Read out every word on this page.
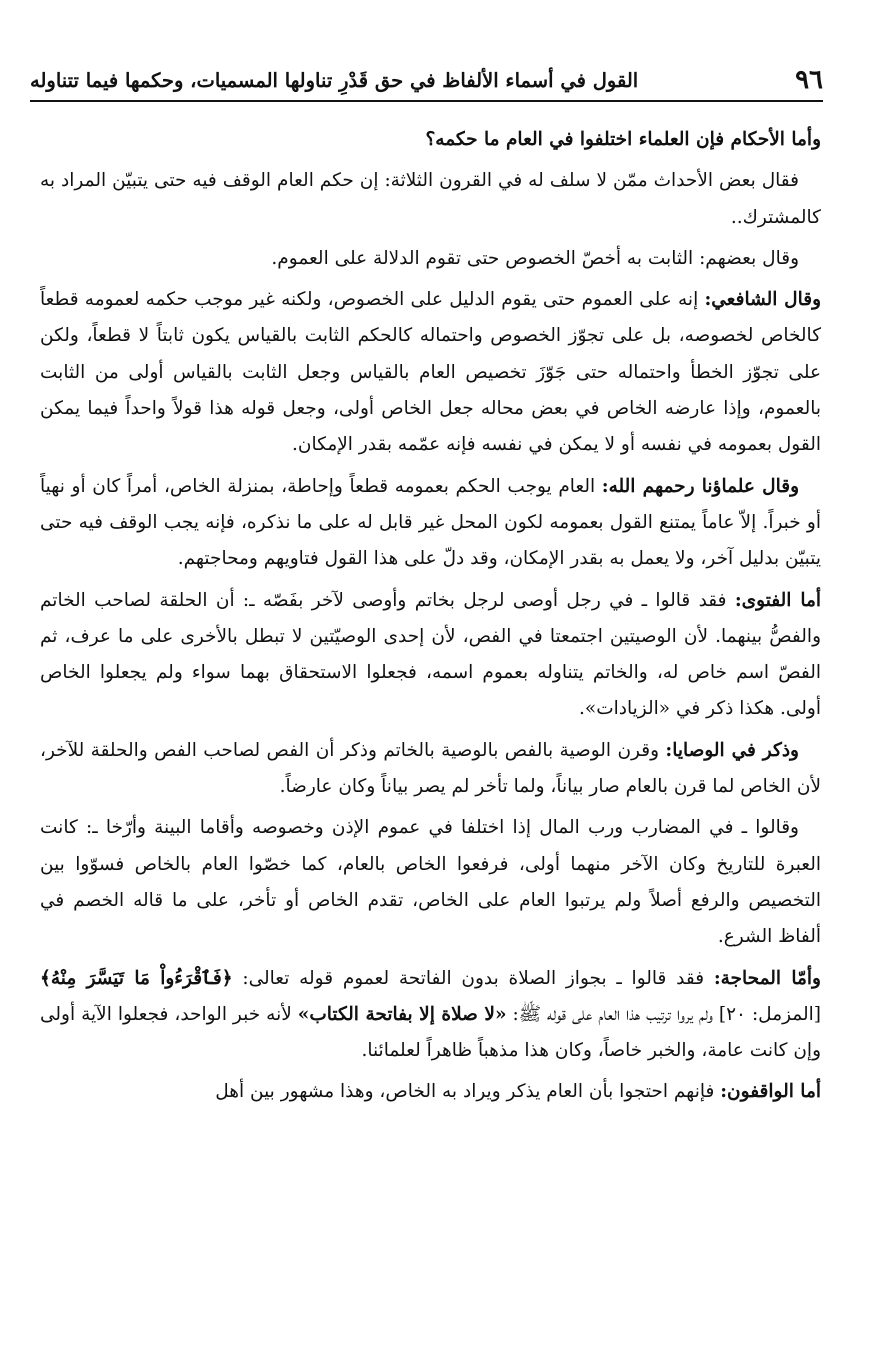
٩٦
القول في أسماء الألفاظ في حق قَدْرِ تناولها المسميات، وحكمها فيما تتناوله

وأما الأحكام فإن العلماء اختلفوا في العام ما حكمه؟

فقال بعض الأحداث ممّن لا سلف له في القرون الثلاثة: إن حكم العام الوقف فيه حتى يتبيّن المراد به كالمشترك..

وقال بعضهم: الثابت به أخصّ الخصوص حتى تقوم الدلالة على العموم.

وقال الشافعي: إنه على العموم حتى يقوم الدليل على الخصوص، ولكنه غير موجب حكمه لعمومه قطعاً كالخاص لخصوصه، بل على تجوّز الخصوص واحتماله كالحكم الثابت بالقياس يكون ثابتاً لا قطعاً، ولكن على تجوّز الخطأ واحتماله حتى جَوّزَ تخصيص العام بالقياس وجعل الثابت بالقياس أولى من الثابت بالعموم، وإذا عارضه الخاص في بعض محاله جعل الخاص أولى، وجعل قوله هذا قولاً واحداً فيما يمكن القول بعمومه في نفسه أو لا يمكن في نفسه فإنه عمّمه بقدر الإمكان.

وقال علماؤنا رحمهم الله: العام يوجب الحكم بعمومه قطعاً وإحاطة، بمنزلة الخاص، أمراً كان أو نهياً أو خبراً. إلاّ عاماً يمتنع القول بعمومه لكون المحل غير قابل له على ما نذكره، فإنه يجب الوقف فيه حتى يتبيّن بدليل آخر، ولا يعمل به بقدر الإمكان، وقد دلّ على هذا القول فتاويهم ومحاجتهم.

أما الفتوى: فقد قالوا ـ في رجل أوصى لرجل بخاتم وأوصى لآخر بفَصّه ـ: أن الحلقة لصاحب الخاتم والفصُّ بينهما. لأن الوصيتين اجتمعتا في الفص، لأن إحدى الوصيّتين لا تبطل بالأخرى على ما عرف، ثم الفصّ اسم خاص له، والخاتم يتناوله بعموم اسمه، فجعلوا الاستحقاق بهما سواء ولم يجعلوا الخاص أولى. هكذا ذكر في «الزيادات».

وذكر في الوصايا: وقرن الوصية بالفص بالوصية بالخاتم وذكر أن الفص لصاحب الفص والحلقة للآخر، لأن الخاص لما قرن بالعام صار بياناً، ولما تأخر لم يصر بياناً وكان عارضاً.

وقالوا ـ في المضارب ورب المال إذا اختلفا في عموم الإذن وخصوصه وأقاما البينة وأرّخا ـ: كانت العبرة للتاريخ وكان الآخر منهما أولى، فرفعوا الخاص بالعام، كما خصّوا العام بالخاص فسوّوا بين التخصيص والرفع أصلاً ولم يرتبوا العام على الخاص، تقدم الخاص أو تأخر، على ما قاله الخصم في ألفاظ الشرع.

وأمّا المحاجة: فقد قالوا ـ بجواز الصلاة بدون الفاتحة لعموم قوله تعالى: ﴿فَٱقْرَءُواْ مَا تَيَسَّرَ مِنْهُ﴾ [المزمل: ٢٠] ولم يروا ترتيب هذا العام على قوله ﷺ: «لا صلاة إلا بفاتحة الكتاب» لأنه خبر الواحد، فجعلوا الآية أولى وإن كانت عامة، والخبر خاصاً، وكان هذا مذهباً ظاهراً لعلمائنا.

أما الواقفون: فإنهم احتجوا بأن العام يذكر ويراد به الخاص، وهذا مشهور بين أهل
